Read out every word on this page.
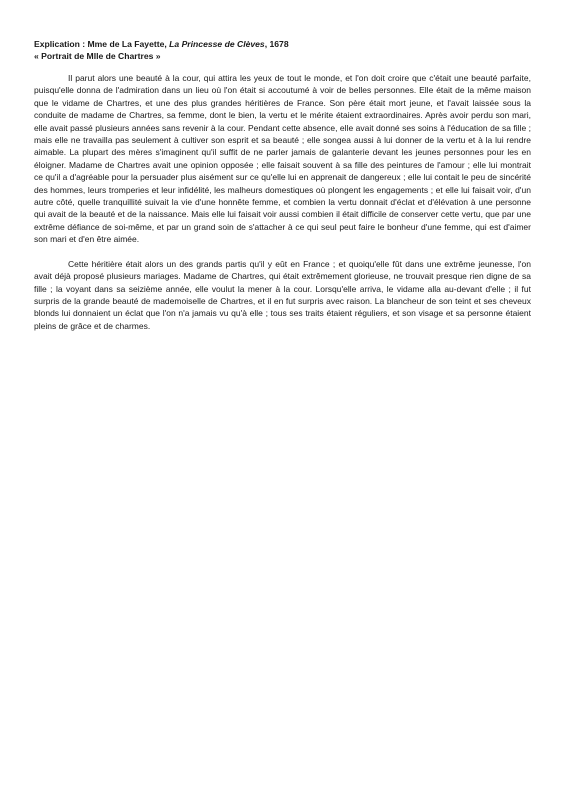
Explication : Mme de La Fayette, La Princesse de Clèves, 1678
« Portrait de Mlle de Chartres »

Il parut alors une beauté à la cour, qui attira les yeux de tout le monde, et l'on doit croire que c'était une beauté parfaite, puisqu'elle donna de l'admiration dans un lieu où l'on était si accoutumé à voir de belles personnes. Elle était de la même maison que le vidame de Chartres, et une des plus grandes héritières de France. Son père était mort jeune, et l'avait laissée sous la conduite de madame de Chartres, sa femme, dont le bien, la vertu et le mérite étaient extraordinaires. Après avoir perdu son mari, elle avait passé plusieurs années sans revenir à la cour. Pendant cette absence, elle avait donné ses soins à l'éducation de sa fille ; mais elle ne travailla pas seulement à cultiver son esprit et sa beauté ; elle songea aussi à lui donner de la vertu et à la lui rendre aimable. La plupart des mères s'imaginent qu'il suffit de ne parler jamais de galanterie devant les jeunes personnes pour les en éloigner. Madame de Chartres avait une opinion opposée ; elle faisait souvent à sa fille des peintures de l'amour ; elle lui montrait ce qu'il a d'agréable pour la persuader plus aisément sur ce qu'elle lui en apprenait de dangereux ; elle lui contait le peu de sincérité des hommes, leurs tromperies et leur infidélité, les malheurs domestiques où plongent les engagements ; et elle lui faisait voir, d'un autre côté, quelle tranquillité suivait la vie d'une honnête femme, et combien la vertu donnait d'éclat et d'élévation à une personne qui avait de la beauté et de la naissance. Mais elle lui faisait voir aussi combien il était difficile de conserver cette vertu, que par une extrême défiance de soi-même, et par un grand soin de s'attacher à ce qui seul peut faire le bonheur d'une femme, qui est d'aimer son mari et d'en être aimée.

Cette héritière était alors un des grands partis qu'il y eût en France ; et quoiqu'elle fût dans une extrême jeunesse, l'on avait déjà proposé plusieurs mariages. Madame de Chartres, qui était extrêmement glorieuse, ne trouvait presque rien digne de sa fille ; la voyant dans sa seizième année, elle voulut la mener à la cour. Lorsqu'elle arriva, le vidame alla au-devant d'elle ; il fut surpris de la grande beauté de mademoiselle de Chartres, et il en fut surpris avec raison. La blancheur de son teint et ses cheveux blonds lui donnaient un éclat que l'on n'a jamais vu qu'à elle ; tous ses traits étaient réguliers, et son visage et sa personne étaient pleins de grâce et de charmes.
